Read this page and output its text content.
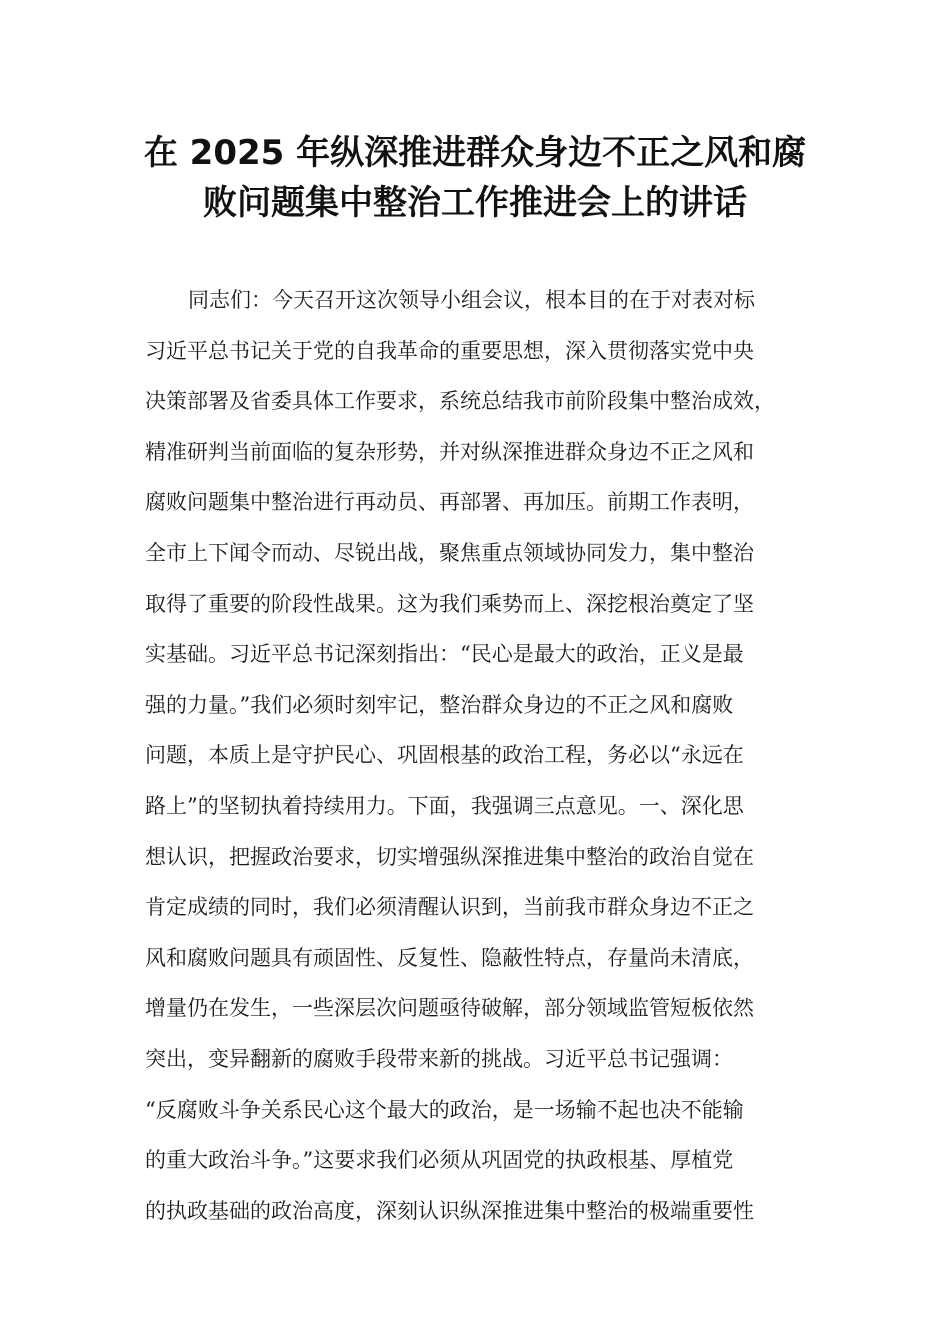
在 2025 年纵深推进群众身边不正之风和腐
败问题集中整治工作推进会上的讲话
同志们：今天召开这次领导小组会议，根本目的在于对表对标
习近平总书记关于党的自我革命的重要思想，深入贯彻落实党中央
决策部署及省委具体工作要求，系统总结我市前阶段集中整治成效，
精准研判当前面临的复杂形势，并对纵深推进群众身边不正之风和
腐败问题集中整治进行再动员、再部署、再加压。前期工作表明，
全市上下闻令而动、尽锐出战，聚焦重点领域协同发力，集中整治
取得了重要的阶段性战果。这为我们乘势而上、深挖根治奠定了坚
实基础。习近平总书记深刻指出：“民心是最大的政治，正义是最
强的力量。”我们必须时刻牢记，整治群众身边的不正之风和腐败
问题，本质上是守护民心、巩固根基的政治工程，务必以“永远在
路上”的坚韧执着持续用力。下面，我强调三点意见。一、深化思
想认识，把握政治要求，切实增强纵深推进集中整治的政治自觉在
肯定成绩的同时，我们必须清醒认识到，当前我市群众身边不正之
风和腐败问题具有顽固性、反复性、隐蔽性特点，存量尚未清底，
增量仍在发生，一些深层次问题亟待破解，部分领域监管短板依然
突出，变异翻新的腐败手段带来新的挑战。习近平总书记强调：
“反腐败斗争关系民心这个最大的政治，是一场输不起也决不能输
的重大政治斗争。”这要求我们必须从巩固党的执政根基、厚植党
的执政基础的政治高度，深刻认识纵深推进集中整治的极端重要性
